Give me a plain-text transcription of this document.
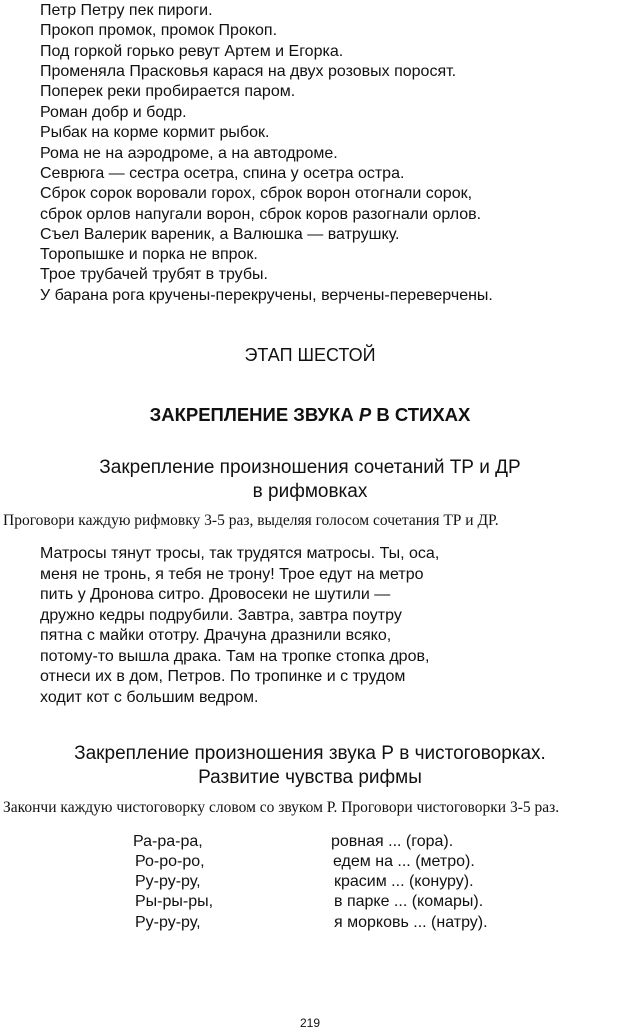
Петр Петру пек пироги.
Прокоп промок, промок Прокоп.
Под горкой горько ревут Артем и Егорка.
Променяла Прасковья карася на двух розовых поросят.
Поперек реки пробирается паром.
Роман добр и бодр.
Рыбак на корме кормит рыбок.
Рома не на аэродроме, а на автодроме.
Севрюга — сестра осетра, спина у осетра остра.
Сброк сорок воровали горох, сброк ворон отогнали сорок,
сброк орлов напугали ворон, сброк коров разогнали орлов.
Съел Валерик вареник, а Валюшка — ватрушку.
Торопышке и порка не впрок.
Трое трубачей трубят в трубы.
У барана рога кручены-перекручены, верчены-переверчены.
ЭТАП ШЕСТОЙ
ЗАКРЕПЛЕНИЕ ЗВУКА Р В СТИХАХ
Закрепление произношения сочетаний ТР и ДР
в рифмовках
Проговори каждую рифмовку 3-5 раз, выделяя голосом сочетания ТР и ДР.
Матросы тянут тросы, так трудятся матросы. Ты, оса,
меня не тронь, я тебя не трону! Трое едут на метро
пить у Дронова ситро. Дровосеки не шутили —
дружно кедры подрубили. Завтра, завтра поутру
пятна с майки ототру. Драчуна дразнили всяко,
потому-то вышла драка. Там на тропке стопка дров,
отнеси их в дом, Петров. По тропинке и с трудом
ходит кот с большим ведром.
Закрепление произношения звука Р в чистоговорках.
Развитие чувства рифмы
Закончи каждую чистоговорку словом со звуком Р. Проговори чистоговорки 3-5 раз.
Ра-ра-ра,	ровная ... (гора).
Ро-ро-ро,	едем на ... (метро).
Ру-ру-ру,	красим ... (конуру).
Ры-ры-ры,	в парке ... (комары).
Ру-ру-ру,	я морковь ... (натру).
219
